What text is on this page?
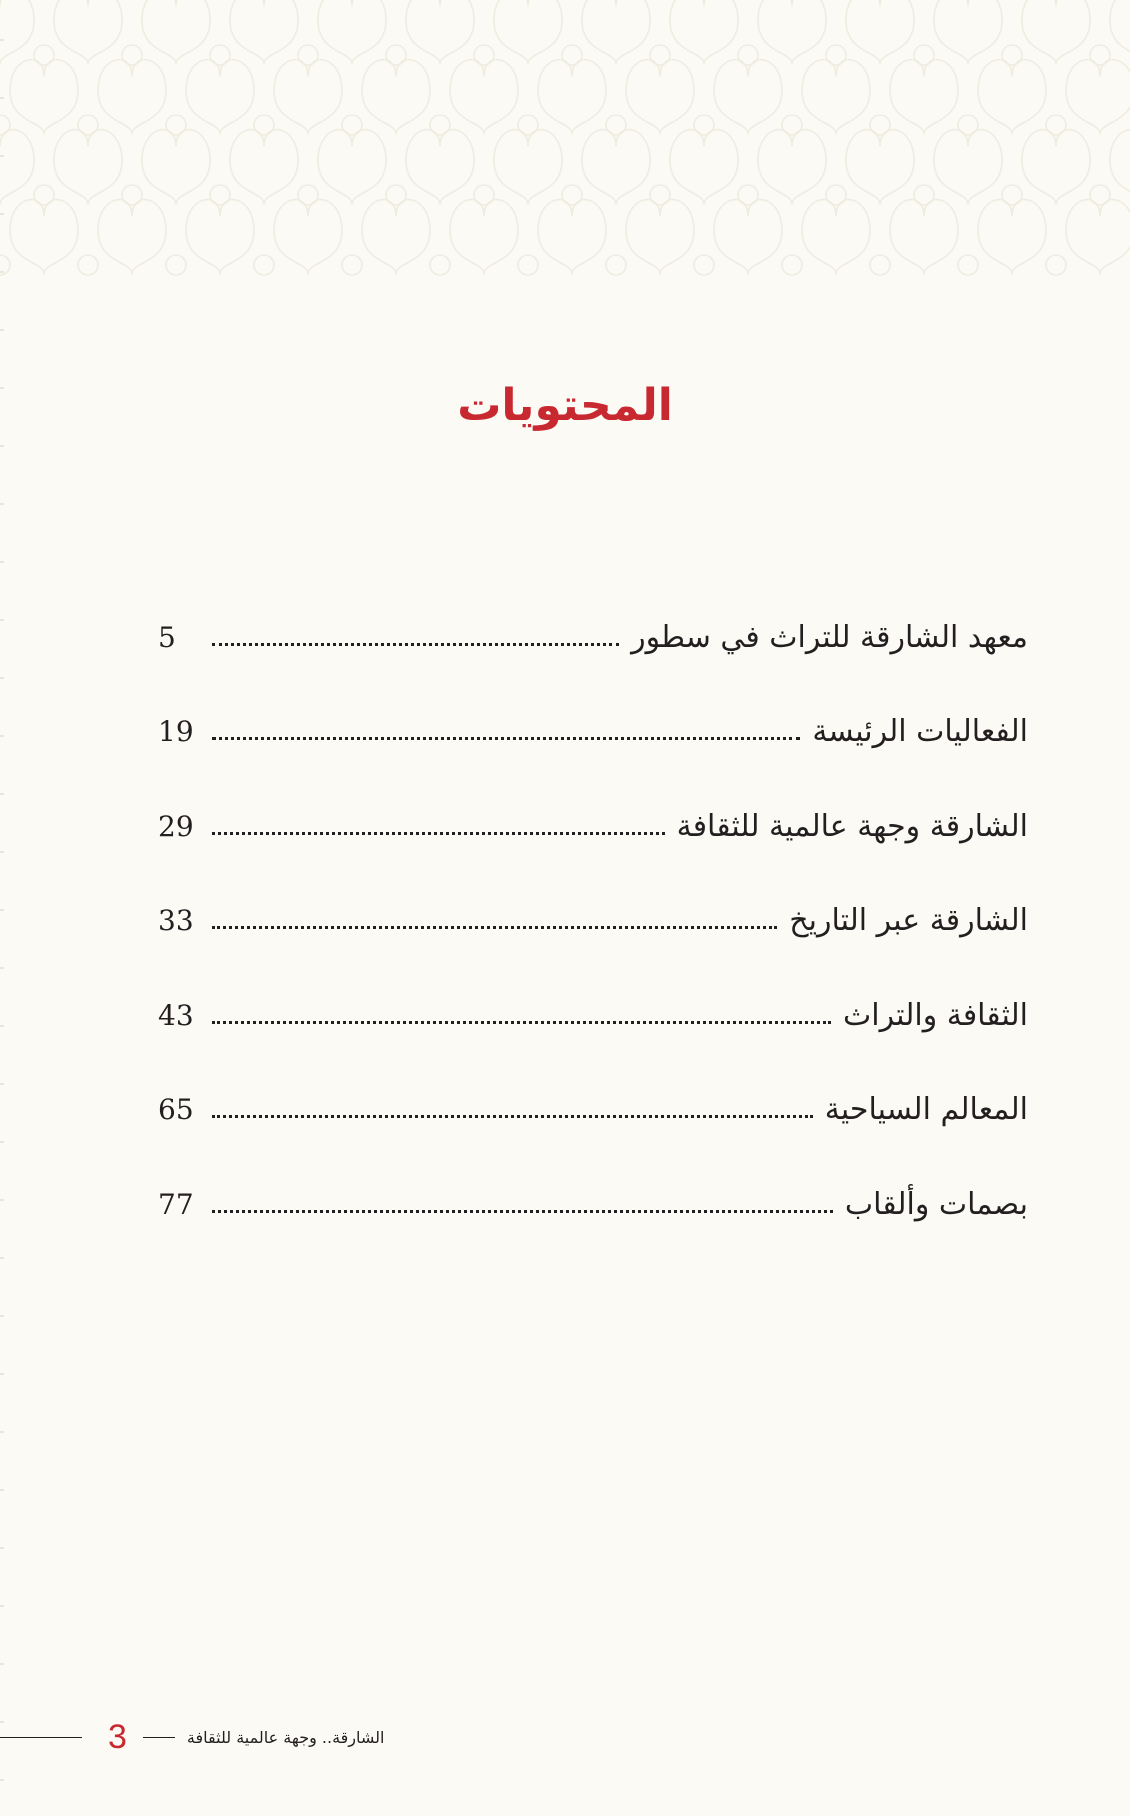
المحتويات
معهد الشارقة للتراث في سطور
5
الفعاليات الرئيسة
19
الشارقة وجهة عالمية للثقافة
29
الشارقة عبر التاريخ
33
الثقافة والتراث
43
المعالم السياحية
65
بصمات وألقاب
77
3	الشارقة.. وجهة عالمية للثقافة
